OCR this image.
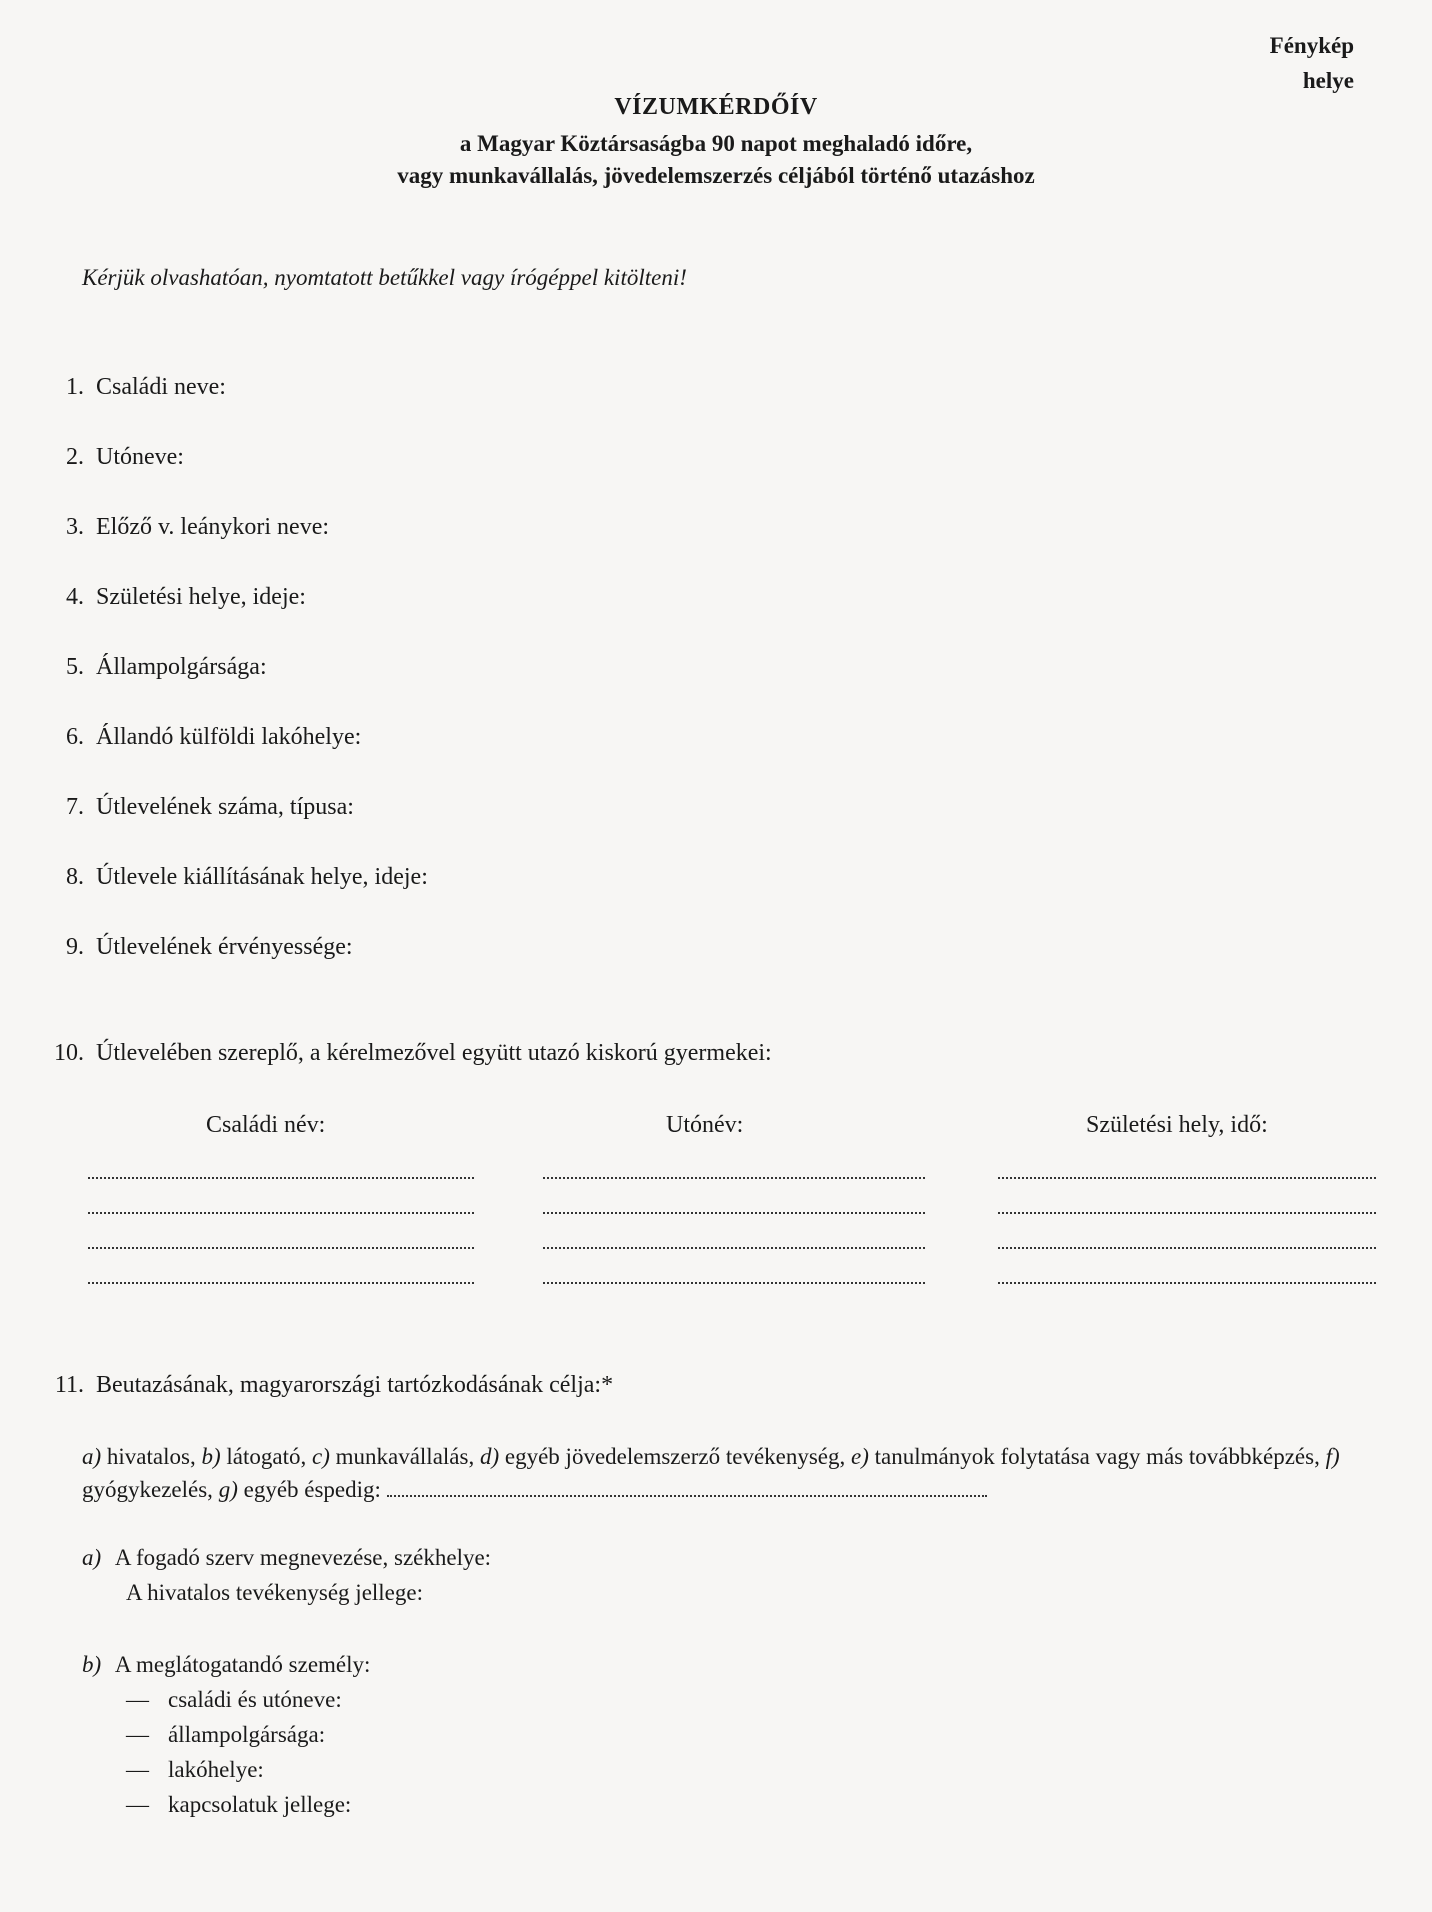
Fénykép
helye
VÍZUMKÉRDŐÍV
a Magyar Köztársaságba 90 napot meghaladó időre,
vagy munkavállalás, jövedelemszerzés céljából történő utazáshoz
Kérjük olvashatóan, nyomtatott betűkkel vagy írógéppel kitölteni!
1. Családi neve:
2. Utóneve:
3. Előző v. leánykori neve:
4. Születési helye, ideje:
5. Állampolgársága:
6. Állandó külföldi lakóhelye:
7. Útlevelének száma, típusa:
8. Útlevele kiállításának helye, ideje:
9. Útlevelének érvényessége:
10. Útlevelében szereplő, a kérelmezővel együtt utazó kiskorú gyermekei:
Családi név:	Utónév:	Születési hely, idő:
11. Beutazásának, magyarországi tartózkodásának célja:*
a) hivatalos, b) látogató, c) munkavállalás, d) egyéb jövedelemszerző tevékenység, e) tanulmányok folytatása vagy más továbbképzés, f) gyógykezelés, g) egyéb éspedig:
a) A fogadó szerv megnevezése, székhelye:
A hivatalos tevékenység jellege:
b) A meglátogatandó személy:
— családi és utóneve:
— állampolgársága:
— lakóhelye:
— kapcsolatuk jellege:
